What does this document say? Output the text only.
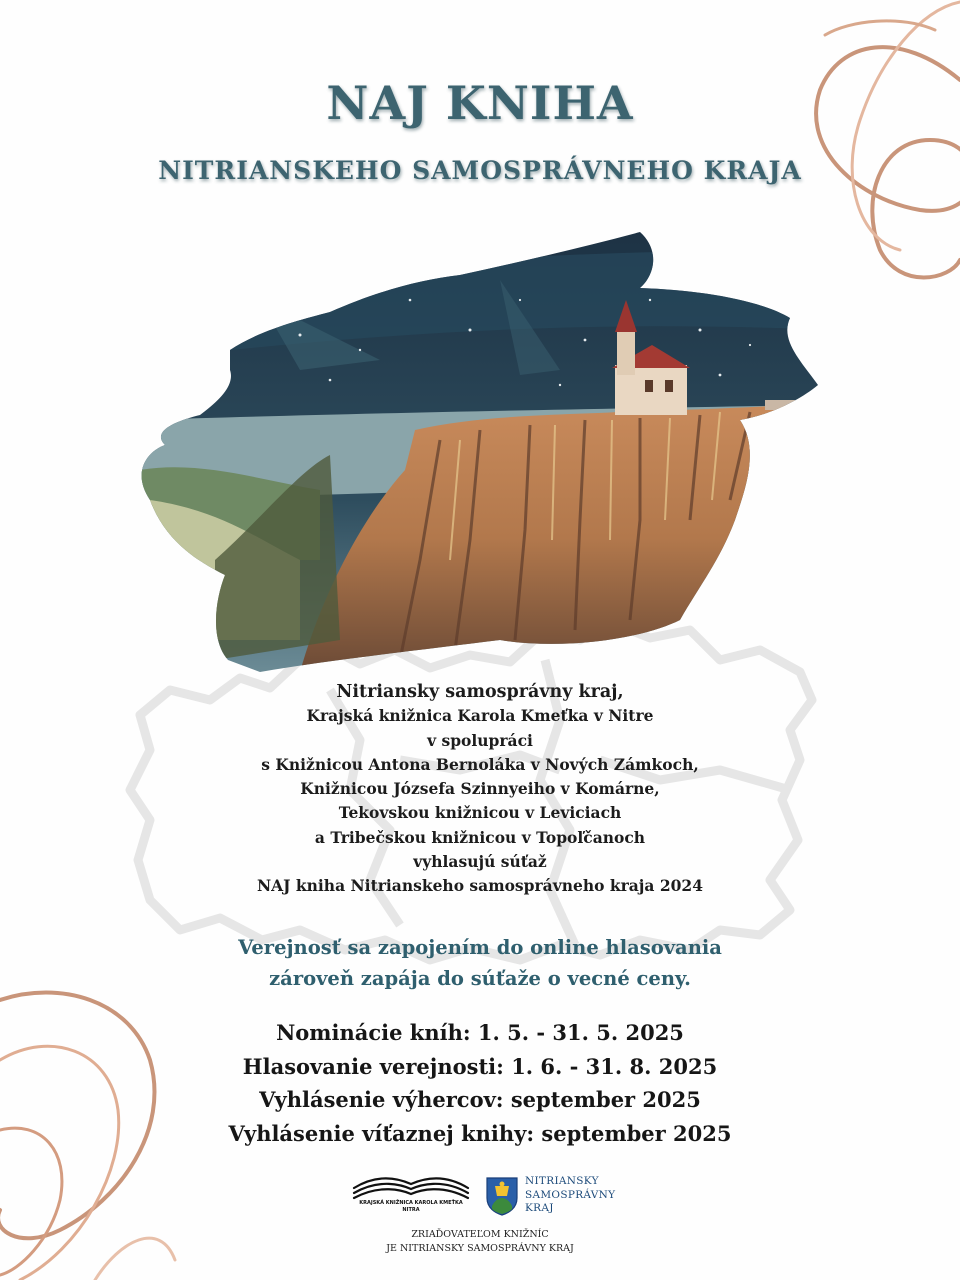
NAJ KNIHA
NITRIANSKEHO SAMOSPRÁVNEHO KRAJA
Nitriansky samosprávny kraj,
Krajská knižnica Karola Kmeťka v Nitre
v spolupráci
s Knižnicou Antona Bernoláka v Nových Zámkoch,
Knižnicou Józsefa Szinnyeiho v Komárne,
Tekovskou knižnicou v Leviciach
a Tribečskou knižnicou v Topoľčanoch
vyhlasujú súťaž
NAJ kniha Nitrianskeho samosprávneho kraja 2024
Verejnosť sa zapojením do online hlasovania
zároveň zapája do súťaže o vecné ceny.
Nominácie kníh: 1. 5. - 31. 5. 2025
Hlasovanie verejnosti: 1. 6. - 31. 8. 2025
Vyhlásenie výhercov: september 2025
Vyhlásenie víťaznej knihy: september 2025
KRAJSKÁ KNIŽNICA KAROLA KMEŤKA
NITRA
NITRIANSKY
SAMOSPRÁVNY
KRAJ
ZRIAĎOVATEĽOM KNIŽNÍC
JE NITRIANSKY SAMOSPRÁVNY KRAJ
